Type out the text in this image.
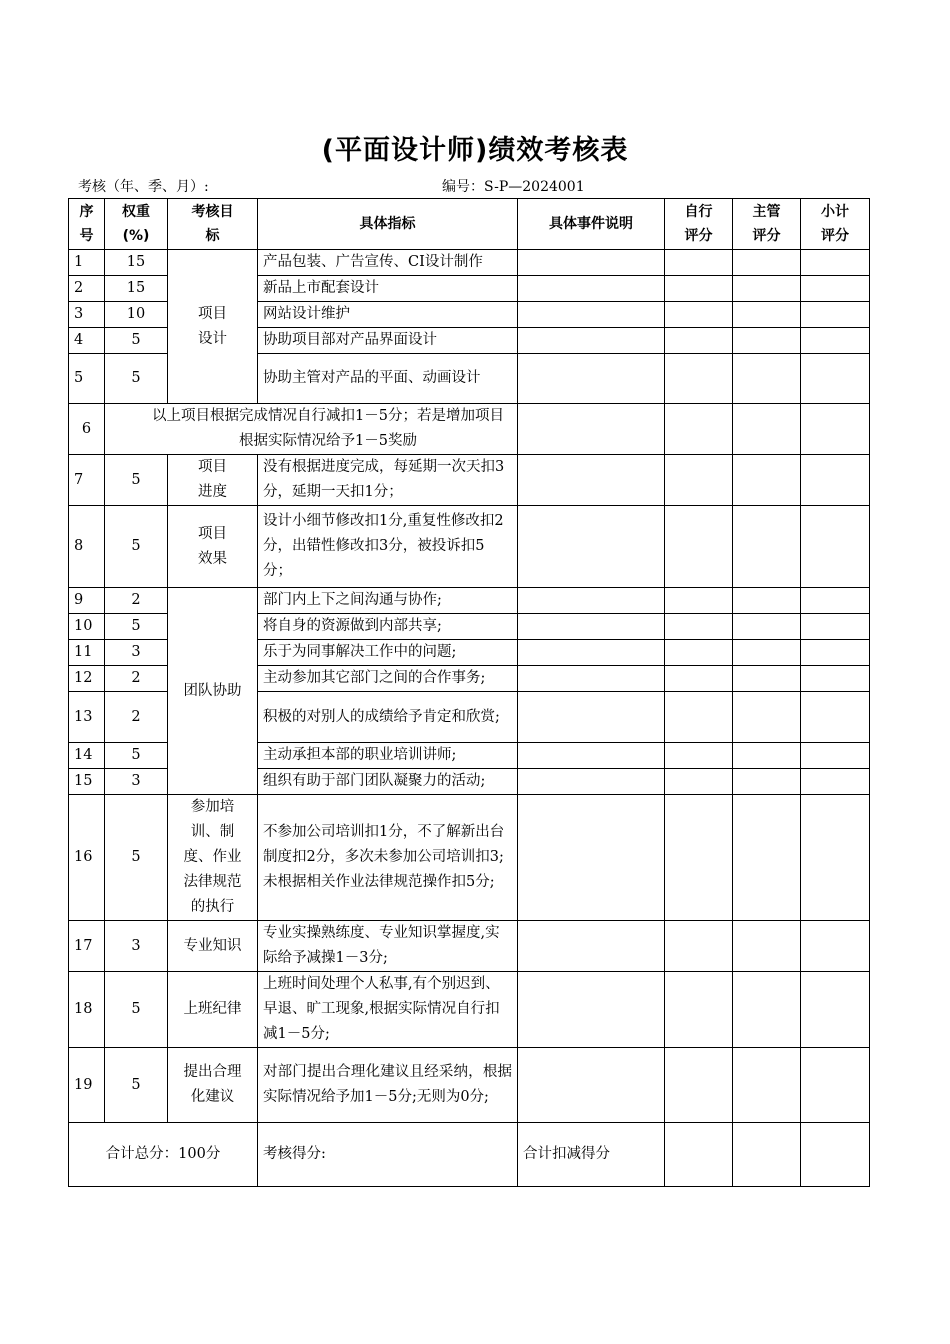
(平面设计师)绩效考核表
考核（年、季、月）:	编号：S-P—2024001
序号	权重(%)	考核目标	具体指标	具体事件说明	自行评分	主管评分	小计评分
1	15	项目设计	产品包装、广告宣传、CI设计制作				
2	15		新品上市配套设计				
3	10		网站设计维护				
4	5		协助项目部对产品界面设计				
5	5		协助主管对产品的平面、动画设计				
6	以上项目根据完成情况自行减扣1－5分；若是增加项目根据实际情况给予1－5奖励						
7	5	项目进度	没有根据进度完成，每延期一次天扣3分，延期一天扣1分；				
8	5	项目效果	设计小细节修改扣1分,重复性修改扣2分，出错性修改扣3分，被投诉扣5分；				
9	2	团队协助	部门内上下之间沟通与协作;				
10	5		将自身的资源做到内部共享;				
11	3		乐于为同事解决工作中的问题;				
12	2		主动参加其它部门之间的合作事务;				
13	2		积极的对别人的成绩给予肯定和欣赏;				
14	5		主动承担本部的职业培训讲师;				
15	3		组织有助于部门团队凝聚力的活动;				
16	5	参加培训、制度、作业法律规范的执行	不参加公司培训扣1分，不了解新出台制度扣2分，多次未参加公司培训扣3;未根据相关作业法律规范操作扣5分;				
17	3	专业知识	专业实操熟练度、专业知识掌握度,实际给予减操1－3分;				
18	5	上班纪律	上班时间处理个人私事,有个别迟到、早退、旷工现象,根据实际情况自行扣减1－5分;				
19	5	提出合理化建议	对部门提出合理化建议且经采纳，根据实际情况给予加1－5分;无则为0分;				
合计总分：100分			考核得分:	合计扣减得分			
